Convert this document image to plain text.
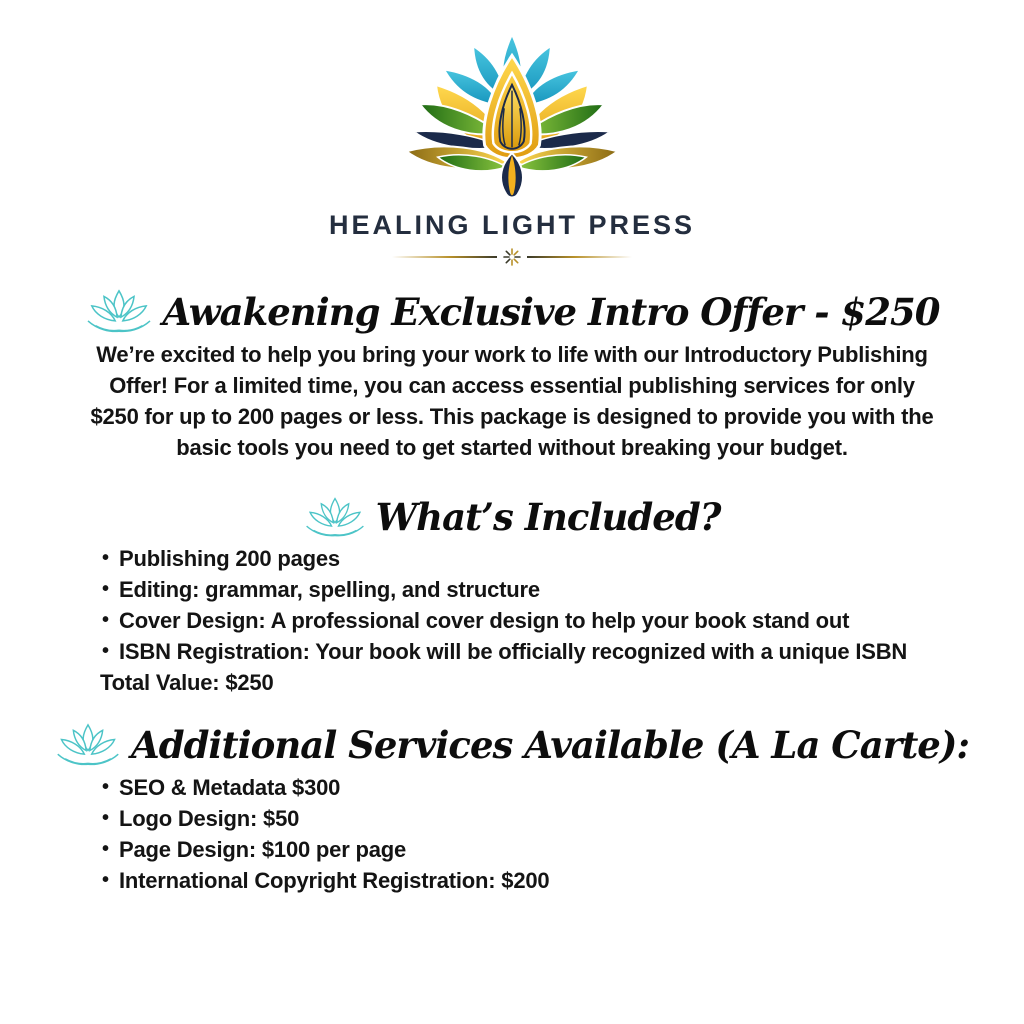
HEALING LIGHT PRESS
Awakening Exclusive Intro Offer - $250

We’re excited to help you bring your work to life with our Introductory Publishing Offer! For a limited time, you can access essential publishing services for only $250 for up to 200 pages or less. This package is designed to provide you with the basic tools you need to get started without breaking your budget.

What’s Included?
• Publishing 200 pages
• Editing: grammar, spelling, and structure
• Cover Design: A professional cover design to help your book stand out
• ISBN Registration: Your book will be officially recognized with a unique ISBN
Total Value: $250
Additional Services Available (A La Carte):
• SEO & Metadata $300
• Logo Design: $50
• Page Design: $100 per page
• International Copyright Registration: $200
